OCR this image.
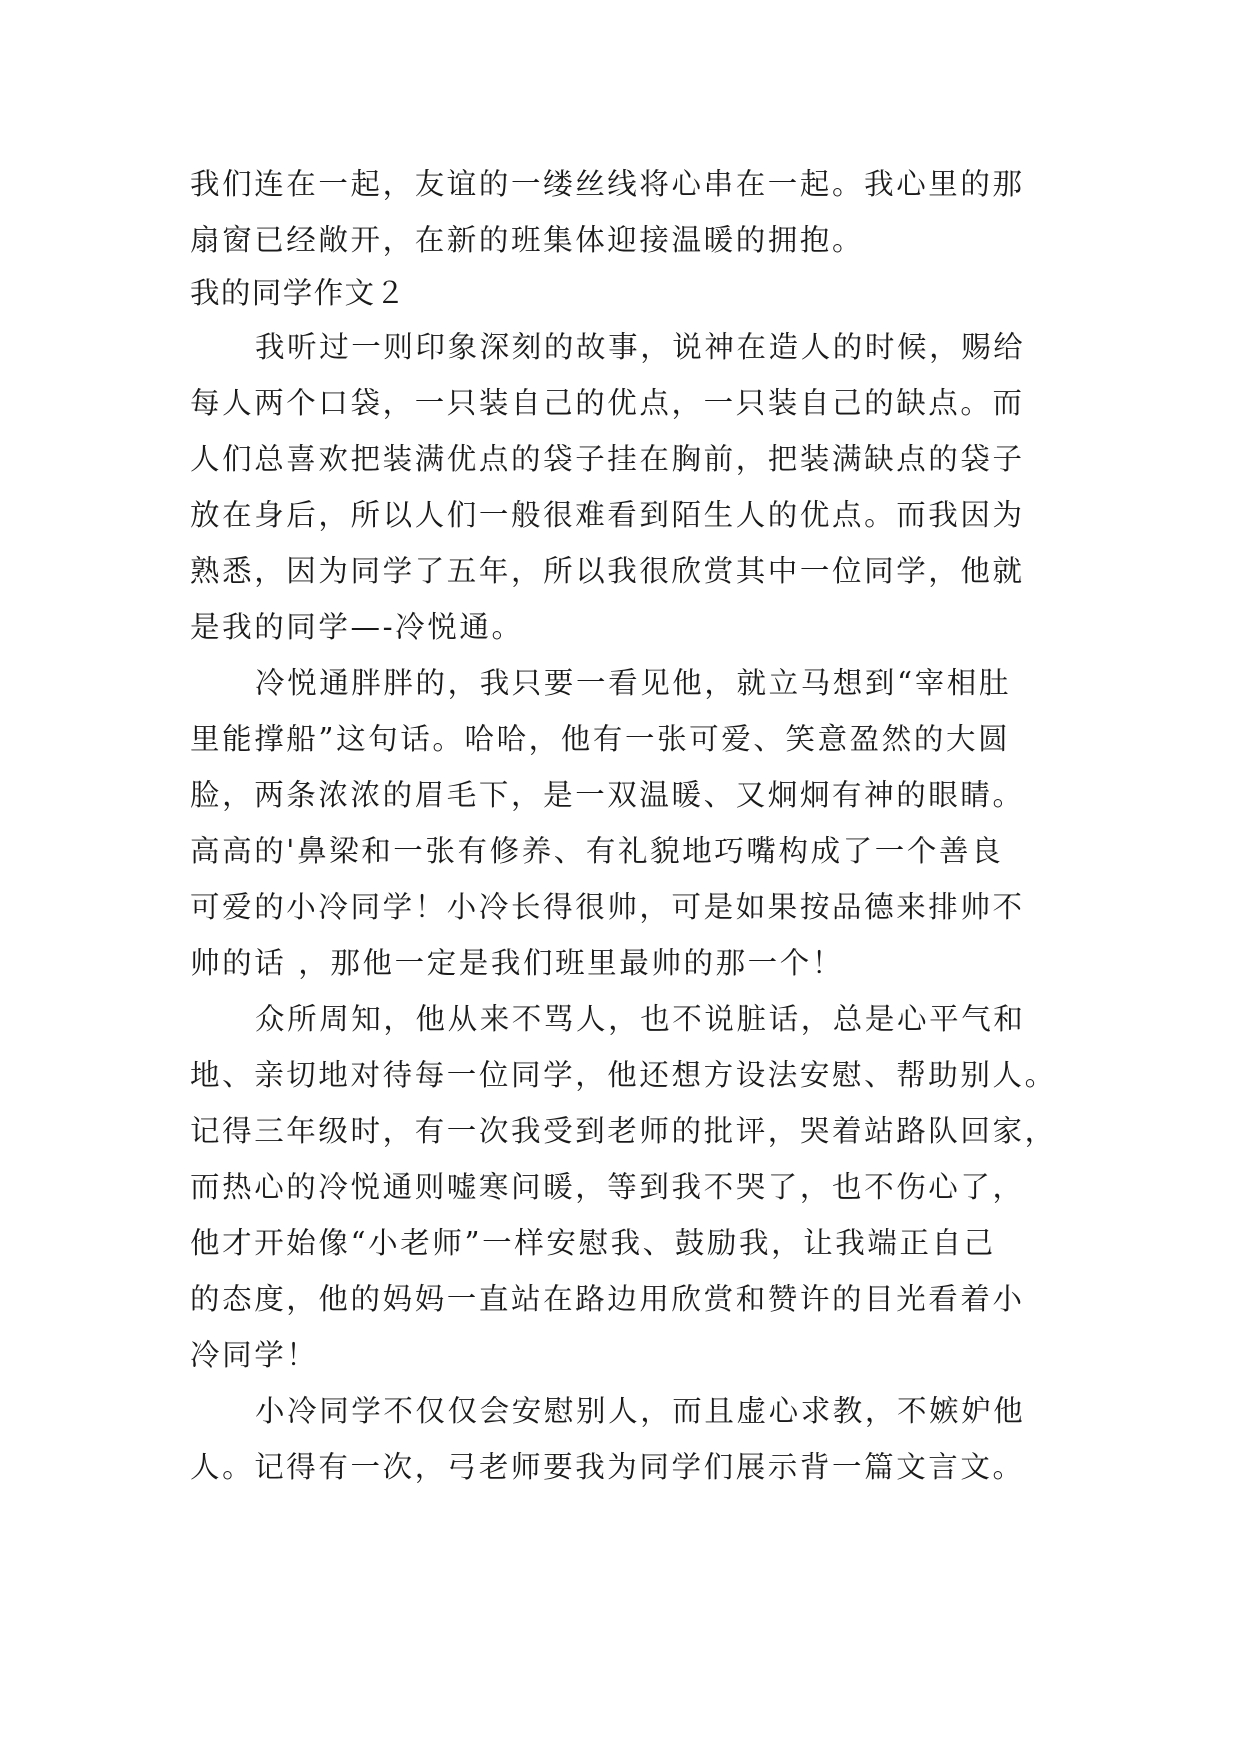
我们连在一起，友谊的一缕丝线将心串在一起。我心里的那
扇窗已经敞开，在新的班集体迎接温暖的拥抱。
我的同学作文２
我听过一则印象深刻的故事，说神在造人的时候，赐给
每人两个口袋，一只装自己的优点，一只装自己的缺点。而
人们总喜欢把装满优点的袋子挂在胸前，把装满缺点的袋子
放在身后，所以人们一般很难看到陌生人的优点。而我因为
熟悉，因为同学了五年，所以我很欣赏其中一位同学，他就
是我的同学—-冷悦通。
冷悦通胖胖的，我只要一看见他，就立马想到“宰相肚
里能撑船”这句话。哈哈，他有一张可爱、笑意盈然的大圆
脸，两条浓浓的眉毛下，是一双温暖、又炯炯有神的眼睛。
高高的'鼻梁和一张有修养、有礼貌地巧嘴构成了一个善良
可爱的小冷同学！小冷长得很帅，可是如果按品德来排帅不
帅的话 ，那他一定是我们班里最帅的那一个！
众所周知，他从来不骂人，也不说脏话，总是心平气和
地、亲切地对待每一位同学，他还想方设法安慰、帮助别人。
记得三年级时，有一次我受到老师的批评，哭着站路队回家，
而热心的冷悦通则嘘寒问暖，等到我不哭了，也不伤心了，
他才开始像“小老师”一样安慰我、鼓励我，让我端正自己
的态度，他的妈妈一直站在路边用欣赏和赞许的目光看着小
冷同学！
小冷同学不仅仅会安慰别人，而且虚心求教，不嫉妒他
人。记得有一次，弓老师要我为同学们展示背一篇文言文。
